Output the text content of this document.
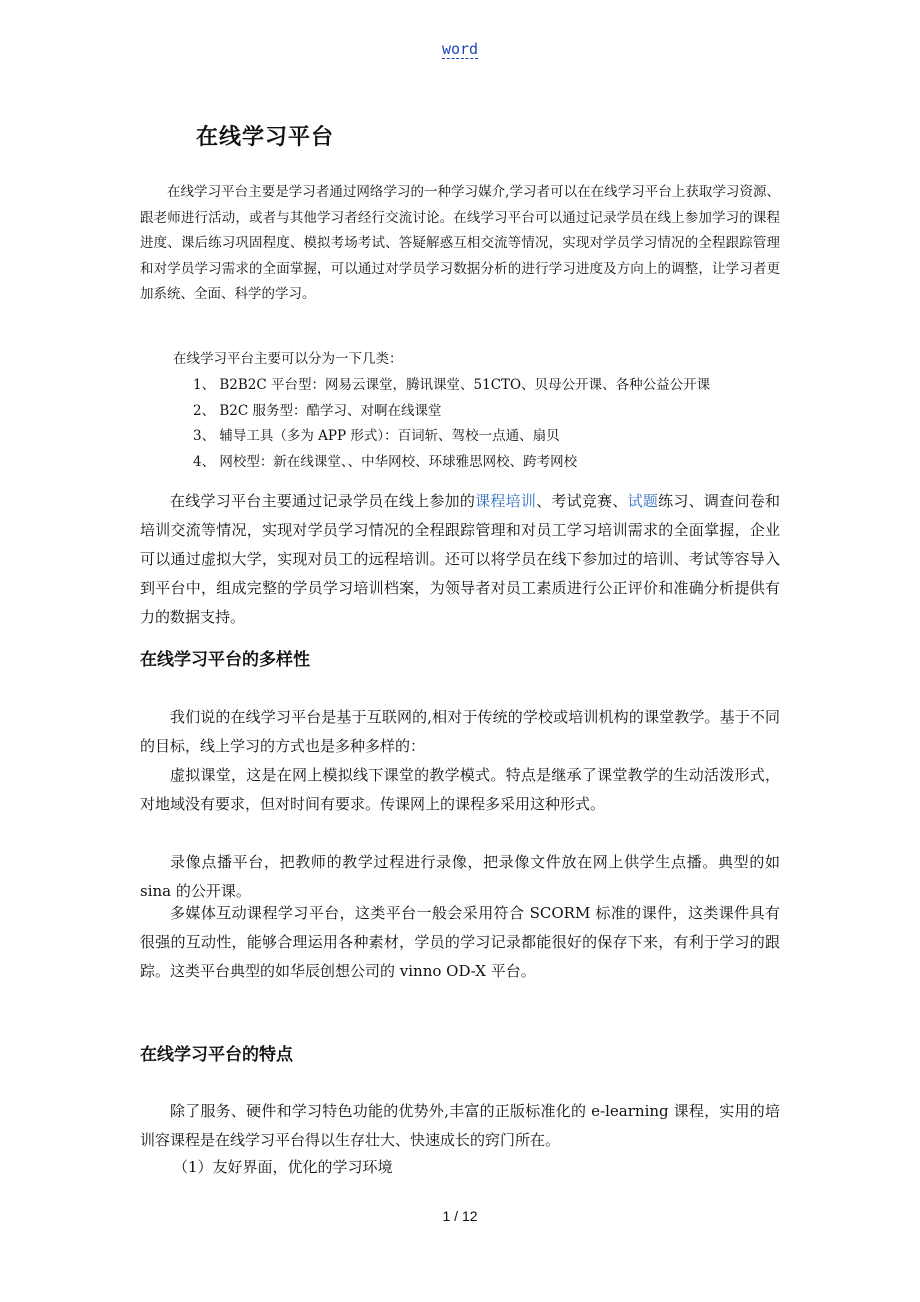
word
在线学习平台
在线学习平台主要是学习者通过网络学习的一种学习媒介,学习者可以在在线学习平台上获取学习资源、跟老师进行活动，或者与其他学习者经行交流讨论。在线学习平台可以通过记录学员在线上参加学习的课程进度、课后练习巩固程度、模拟考场考试、答疑解惑互相交流等情况，实现对学员学习情况的全程跟踪管理和对学员学习需求的全面掌握，可以通过对学员学习数据分析的进行学习进度及方向上的调整，让学习者更加系统、全面、科学的学习。
在线学习平台主要可以分为一下几类：
1、 B2B2C 平台型：网易云课堂，腾讯课堂、51CTO、贝母公开课、各种公益公开课
2、 B2C 服务型：酷学习、对啊在线课堂
3、 辅导工具（多为 APP 形式）：百词斩、驾校一点通、扇贝
4、 网校型：新在线课堂、、中华网校、环球雅思网校、跨考网校
在线学习平台主要通过记录学员在线上参加的课程培训、考试竞赛、试题练习、调查问卷和培训交流等情况，实现对学员学习情况的全程跟踪管理和对员工学习培训需求的全面掌握，企业可以通过虚拟大学，实现对员工的远程培训。还可以将学员在线下参加过的培训、考试等容导入到平台中，组成完整的学员学习培训档案，为领导者对员工素质进行公正评价和准确分析提供有力的数据支持。
在线学习平台的多样性
我们说的在线学习平台是基于互联网的,相对于传统的学校或培训机构的课堂教学。基于不同的目标，线上学习的方式也是多种多样的：
虚拟课堂，这是在网上模拟线下课堂的教学模式。特点是继承了课堂教学的生动活泼形式，对地域没有要求，但对时间有要求。传课网上的课程多采用这种形式。
录像点播平台，把教师的教学过程进行录像，把录像文件放在网上供学生点播。典型的如 sina 的公开课。
多媒体互动课程学习平台，这类平台一般会采用符合 SCORM 标准的课件，这类课件具有很强的互动性，能够合理运用各种素材，学员的学习记录都能很好的保存下来，有利于学习的跟踪。这类平台典型的如华辰创想公司的 vinno OD-X 平台。
在线学习平台的特点
除了服务、硬件和学习特色功能的优势外,丰富的正版标准化的 e-learning 课程，实用的培训容课程是在线学习平台得以生存壮大、快速成长的窍门所在。
（1）友好界面，优化的学习环境
1 / 12
